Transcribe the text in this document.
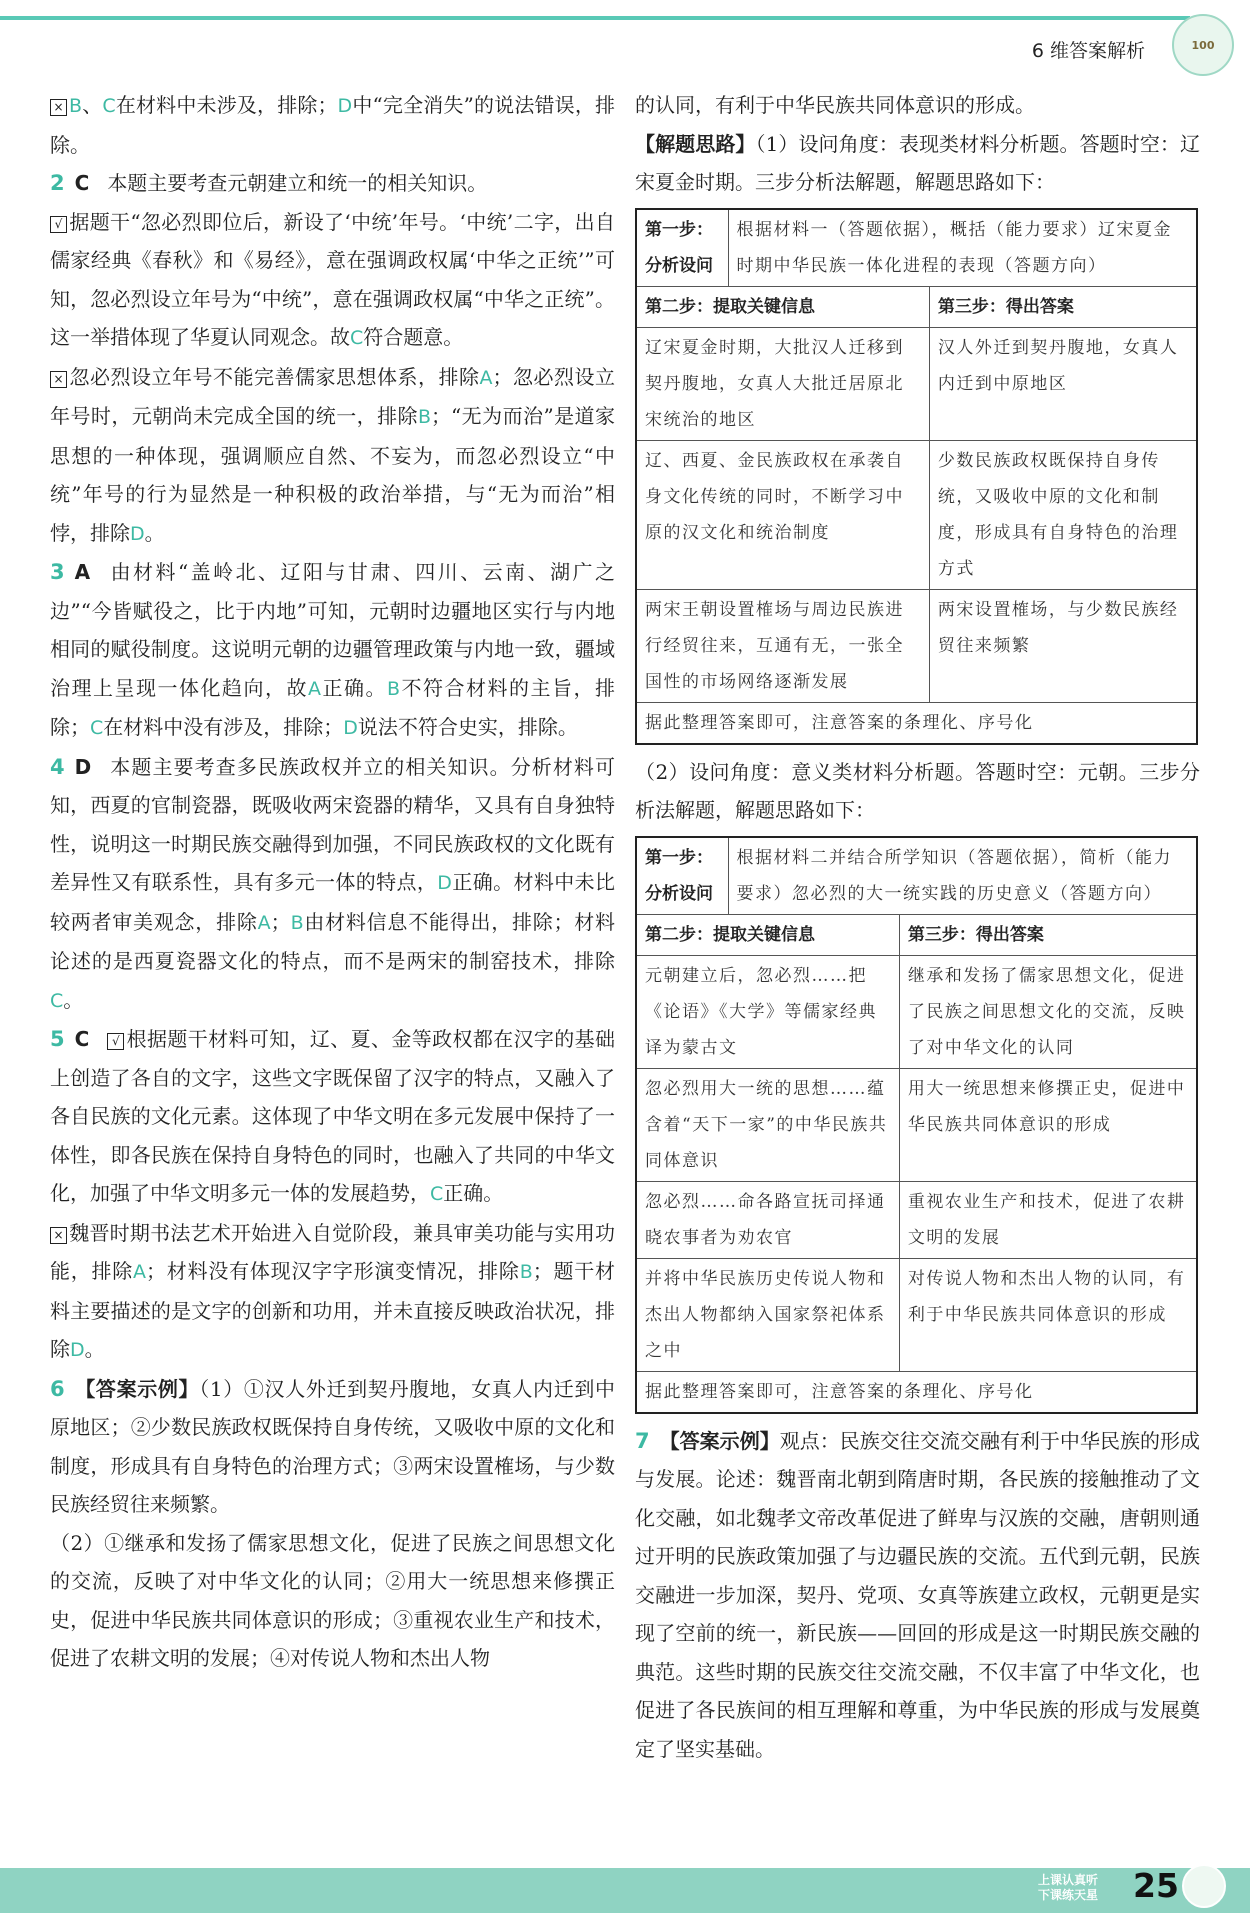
6 维答案解析	100

× B、C在材料中未涉及，排除；D中“完全消失”的说法错误，排除。

2 C 本题主要考查元朝建立和统一的相关知识。

√ 据题干“忽必烈即位后，新设了‘中统’年号。‘中统’二字，出自儒家经典《春秋》和《易经》，意在强调政权属‘中华之正统’”可知，忽必烈设立年号为“中统”，意在强调政权属“中华之正统”。这一举措体现了华夏认同观念。故C符合题意。

× 忽必烈设立年号不能完善儒家思想体系，排除A；忽必烈设立年号时，元朝尚未完成全国的统一，排除B；“无为而治”是道家思想的一种体现，强调顺应自然、不妄为，而忽必烈设立“中统”年号的行为显然是一种积极的政治举措，与“无为而治”相悖，排除D。

3 A 由材料“盖岭北、辽阳与甘肃、四川、云南、湖广之边”“今皆赋役之，比于内地”可知，元朝时边疆地区实行与内地相同的赋役制度。这说明元朝的边疆管理政策与内地一致，疆域治理上呈现一体化趋向，故A正确。B不符合材料的主旨，排除；C在材料中没有涉及，排除；D说法不符合史实，排除。

4 D 本题主要考查多民族政权并立的相关知识。分析材料可知，西夏的官制瓷器，既吸收两宋瓷器的精华，又具有自身独特性，说明这一时期民族交融得到加强，不同民族政权的文化既有差异性又有联系性，具有多元一体的特点，D正确。材料中未比较两者审美观念，排除A；B由材料信息不能得出，排除；材料论述的是西夏瓷器文化的特点，而不是两宋的制窑技术，排除C。

5 C √ 根据题干材料可知，辽、夏、金等政权都在汉字的基础上创造了各自的文字，这些文字既保留了汉字的特点，又融入了各自民族的文化元素。这体现了中华文明在多元发展中保持了一体性，即各民族在保持自身特色的同时，也融入了共同的中华文化，加强了中华文明多元一体的发展趋势，C正确。

× 魏晋时期书法艺术开始进入自觉阶段，兼具审美功能与实用功能，排除A；材料没有体现汉字字形演变情况，排除B；题干材料主要描述的是文字的创新和功用，并未直接反映政治状况，排除D。

6 【答案示例】（1）①汉人外迁到契丹腹地，女真人内迁到中原地区；②少数民族政权既保持自身传统，又吸收中原的文化和制度，形成具有自身特色的治理方式；③两宋设置榷场，与少数民族经贸往来频繁。

（2）①继承和发扬了儒家思想文化，促进了民族之间思想文化的交流，反映了对中华文化的认同；②用大一统思想来修撰正史，促进中华民族共同体意识的形成；③重视农业生产和技术，促进了农耕文明的发展；④对传说人物和杰出人物

的认同，有利于中华民族共同体意识的形成。

【解题思路】（1）设问角度：表现类材料分析题。答题时空：辽宋夏金时期。三步分析法解题，解题思路如下：

第一步：
分析设问	根据材料一（答题依据），概括（能力要求）辽宋夏金时期中华民族一体化进程的表现（答题方向）	
第二步：提取关键信息		第三步：得出答案
辽宋夏金时期，大批汉人迁移到契丹腹地，女真人大批迁居原北宋统治的地区		汉人外迁到契丹腹地，女真人内迁到中原地区
辽、西夏、金民族政权在承袭自身文化传统的同时，不断学习中原的汉文化和统治制度		少数民族政权既保持自身传统，又吸收中原的文化和制度，形成具有自身特色的治理方式
两宋王朝设置榷场与周边民族进行经贸往来，互通有无，一张全国性的市场网络逐渐发展		两宋设置榷场，与少数民族经贸往来频繁
据此整理答案即可，注意答案的条理化、序号化		

（2）设问角度：意义类材料分析题。答题时空：元朝。三步分析法解题，解题思路如下：

第一步：
分析设问	根据材料二并结合所学知识（答题依据），简析（能力要求）忽必烈的大一统实践的历史意义（答题方向）	
第二步：提取关键信息		第三步：得出答案
元朝建立后，忽必烈……把《论语》《大学》等儒家经典译为蒙古文		继承和发扬了儒家思想文化，促进了民族之间思想文化的交流，反映了对中华文化的认同
忽必烈用大一统的思想……蕴含着“天下一家”的中华民族共同体意识		用大一统思想来修撰正史，促进中华民族共同体意识的形成
忽必烈……命各路宣抚司择通晓农事者为劝农官		重视农业生产和技术，促进了农耕文明的发展
并将中华民族历史传说人物和杰出人物都纳入国家祭祀体系之中		对传说人物和杰出人物的认同，有利于中华民族共同体意识的形成
据此整理答案即可，注意答案的条理化、序号化		

7 【答案示例】观点：民族交往交流交融有利于中华民族的形成与发展。论述：魏晋南北朝到隋唐时期，各民族的接触推动了文化交融，如北魏孝文帝改革促进了鲜卑与汉族的交融，唐朝则通过开明的民族政策加强了与边疆民族的交流。五代到元朝，民族交融进一步加深，契丹、党项、女真等族建立政权，元朝更是实现了空前的统一，新民族——回回的形成是这一时期民族交融的典范。这些时期的民族交往交流交融，不仅丰富了中华文化，也促进了各民族间的相互理解和尊重，为中华民族的形成与发展奠定了坚实基础。

上课认真听
下课练天星 25
